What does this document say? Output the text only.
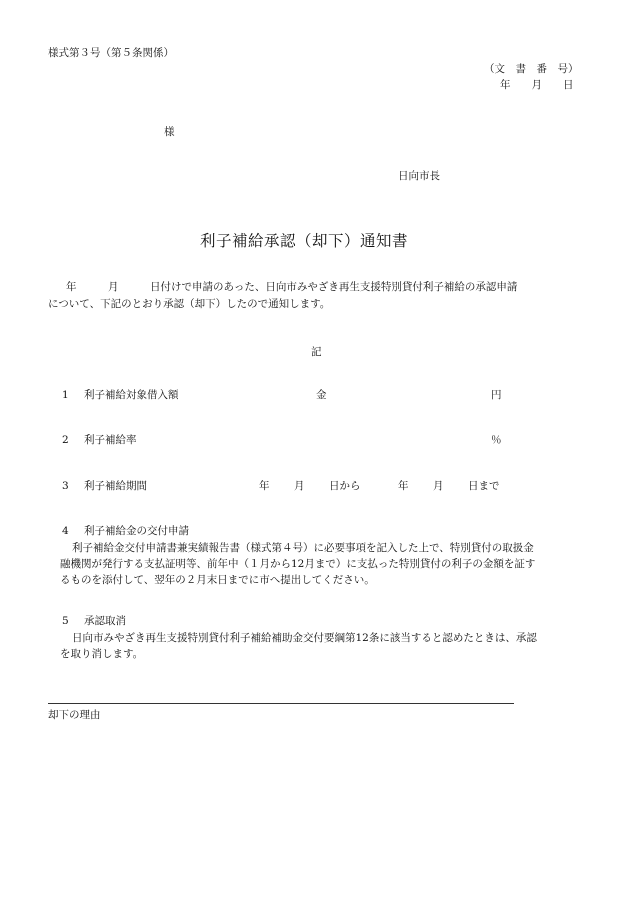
様式第３号（第５条関係）
（文　書　番　号）
年　　月　　日
様
日向市長
利子補給承認（却下）通知書
年　　　月　　　日付けで申請のあった、日向市みやざき再生支援特別貸付利子補給の承認申請
について、下記のとおり承認（却下）したので通知します。
記
1 利子補給対象借入額	金	円
2 利子補給率	％
3 利子補給期間	年 月 日から	年 月 日まで
4 利子補給金の交付申請
利子補給金交付申請書兼実績報告書（様式第４号）に必要事項を記入した上で、特別貸付の取扱金
融機関が発行する支払証明等、前年中（１月から12月まで）に支払った特別貸付の利子の金額を証す
るものを添付して、翌年の２月末日までに市へ提出してください。
5 承認取消
日向市みやざき再生支援特別貸付利子補給補助金交付要綱第12条に該当すると認めたときは、承認
を取り消します。
却下の理由
